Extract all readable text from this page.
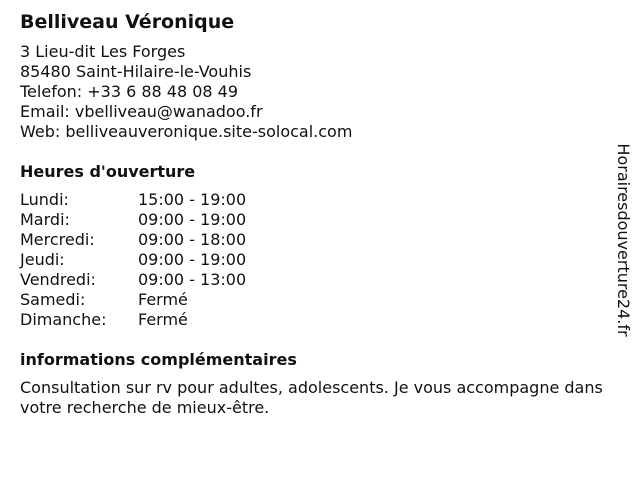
Belliveau Véronique
3 Lieu-dit Les Forges
85480 Saint-Hilaire-le-Vouhis
Telefon: +33 6 88 48 08 49
Email: vbelliveau@wanadoo.fr
Web: belliveauveronique.site-solocal.com
Heures d'ouverture
Lundi:	15:00 - 19:00
Mardi:	09:00 - 19:00
Mercredi:	09:00 - 18:00
Jeudi:	09:00 - 19:00
Vendredi:	09:00 - 13:00
Samedi:	Fermé
Dimanche:	Fermé
informations complémentaires
Consultation sur rv pour adultes, adolescents. Je vous accompagne dans votre recherche de mieux-être.
Horairesdouverture24.fr
